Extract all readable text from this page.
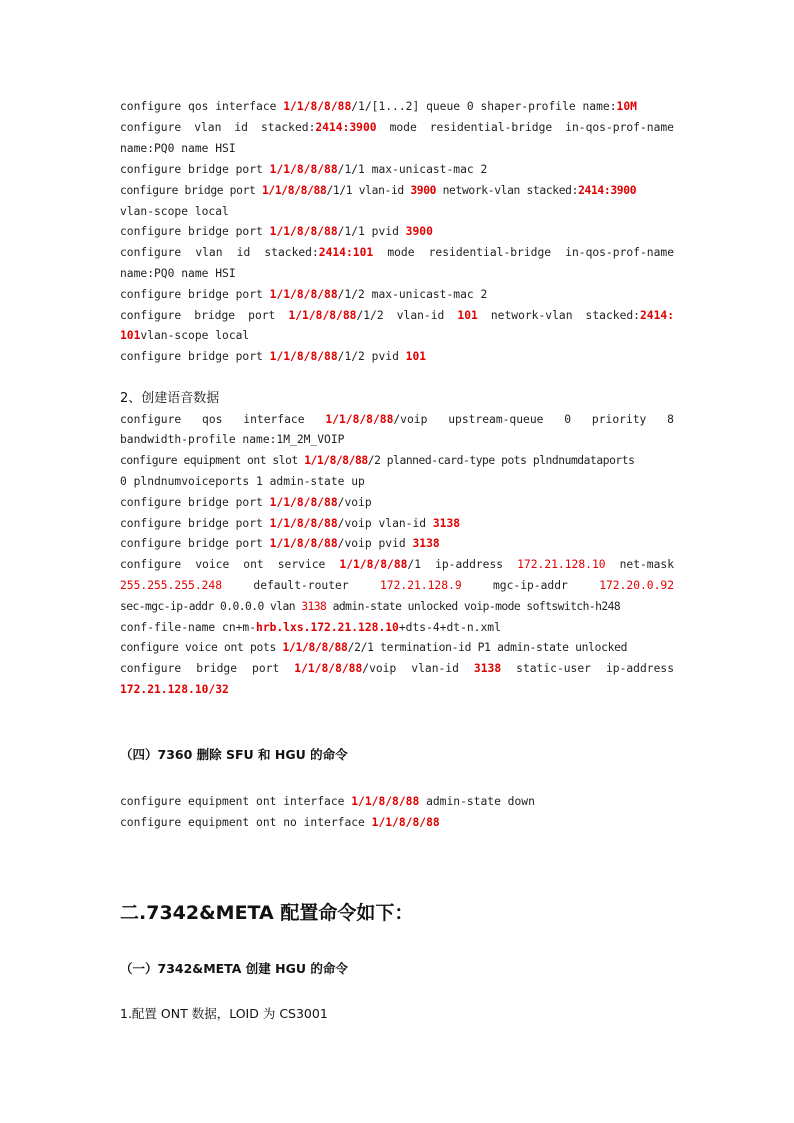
configure qos interface 1/1/8/8/88/1/[1...2] queue 0 shaper-profile name:10M
configure vlan id stacked:2414:3900 mode residential-bridge in-qos-prof-name
name:PQ0 name HSI
configure bridge port 1/1/8/8/88/1/1 max-unicast-mac 2
configure bridge port 1/1/8/8/88/1/1 vlan-id 3900 network-vlan stacked:2414:3900
vlan-scope local
configure bridge port 1/1/8/8/88/1/1 pvid 3900
configure vlan id stacked:2414:101 mode residential-bridge in-qos-prof-name
name:PQ0 name HSI
configure bridge port 1/1/8/8/88/1/2 max-unicast-mac 2
configure bridge port 1/1/8/8/88/1/2 vlan-id 101 network-vlan stacked:2414:
101vlan-scope local
configure bridge port 1/1/8/8/88/1/2 pvid 101
2、创建语音数据
configure qos interface 1/1/8/8/88/voip upstream-queue 0 priority 8
bandwidth-profile name:1M_2M_VOIP
configure equipment ont slot 1/1/8/8/88/2 planned-card-type pots plndnumdataports
0 plndnumvoiceports 1 admin-state up
configure bridge port 1/1/8/8/88/voip
configure bridge port 1/1/8/8/88/voip vlan-id 3138
configure bridge port 1/1/8/8/88/voip pvid 3138
configure voice ont service 1/1/8/8/88/1 ip-address 172.21.128.10 net-mask
255.255.255.248 default-router 172.21.128.9 mgc-ip-addr 172.20.0.92
sec-mgc-ip-addr 0.0.0.0 vlan 3138 admin-state unlocked voip-mode softswitch-h248
conf-file-name cn+m-hrb.lxs.172.21.128.10+dts-4+dt-n.xml
configure voice ont pots 1/1/8/8/88/2/1 termination-id P1 admin-state unlocked
configure bridge port 1/1/8/8/88/voip vlan-id 3138 static-user ip-address
172.21.128.10/32
（四）7360 删除 SFU 和 HGU 的命令
configure equipment ont interface 1/1/8/8/88 admin-state down
configure equipment ont no interface 1/1/8/8/88
二.7342&META 配置命令如下：
（一）7342&META 创建 HGU 的命令
1.配置 ONT 数据，LOID 为 CS3001
